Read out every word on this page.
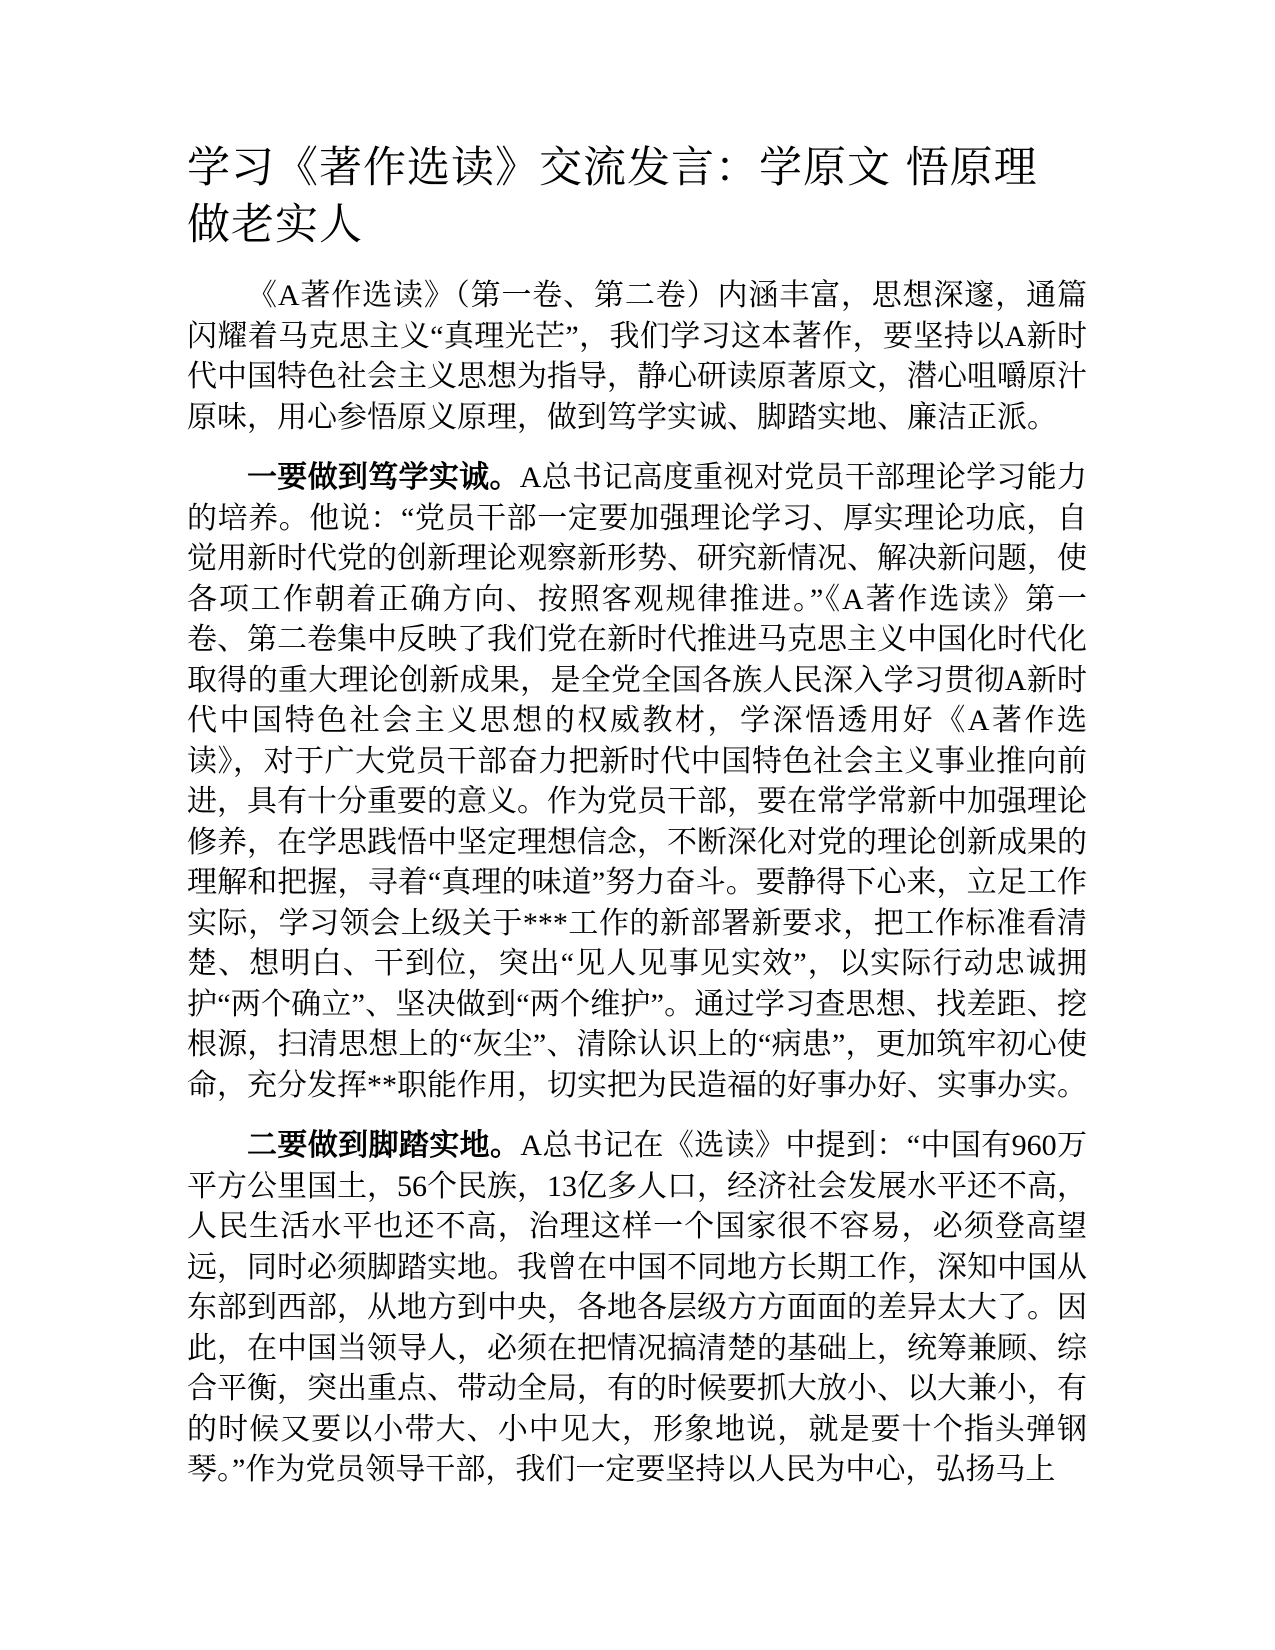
学习《著作选读》交流发言：学原文 悟原理 做老实人

《A著作选读》（第一卷、第二卷）内涵丰富，思想深邃，通篇闪耀着马克思主义“真理光芒”，我们学习这本著作，要坚持以A新时代中国特色社会主义思想为指导，静心研读原著原文，潜心咀嚼原汁原味，用心参悟原义原理，做到笃学实诚、脚踏实地、廉洁正派。

一要做到笃学实诚。A总书记高度重视对党员干部理论学习能力的培养。他说：“党员干部一定要加强理论学习、厚实理论功底，自觉用新时代党的创新理论观察新形势、研究新情况、解决新问题，使各项工作朝着正确方向、按照客观规律推进。”《A著作选读》第一卷、第二卷集中反映了我们党在新时代推进马克思主义中国化时代化取得的重大理论创新成果，是全党全国各族人民深入学习贯彻A新时代中国特色社会主义思想的权威教材，学深悟透用好《A著作选读》，对于广大党员干部奋力把新时代中国特色社会主义事业推向前进，具有十分重要的意义。作为党员干部，要在常学常新中加强理论修养，在学思践悟中坚定理想信念，不断深化对党的理论创新成果的理解和把握，寻着“真理的味道”努力奋斗。要静得下心来，立足工作实际，学习领会上级关于***工作的新部署新要求，把工作标准看清楚、想明白、干到位，突出“见人见事见实效”，以实际行动忠诚拥护“两个确立”、坚决做到“两个维护”。通过学习查思想、找差距、挖根源，扫清思想上的“灰尘”、清除认识上的“病患”，更加筑牢初心使命，充分发挥**职能作用，切实把为民造福的好事办好、实事办实。

二要做到脚踏实地。A总书记在《选读》中提到：“中国有960万平方公里国土，56个民族，13亿多人口，经济社会发展水平还不高，人民生活水平也还不高，治理这样一个国家很不容易，必须登高望远，同时必须脚踏实地。我曾在中国不同地方长期工作，深知中国从东部到西部，从地方到中央，各地各层级方方面面的差异太大了。因此，在中国当领导人，必须在把情况搞清楚的基础上，统筹兼顾、综合平衡，突出重点、带动全局，有的时候要抓大放小、以大兼小，有的时候又要以小带大、小中见大，形象地说，就是要十个指头弹钢琴。”作为党员领导干部，我们一定要坚持以人民为中心，弘扬马上
